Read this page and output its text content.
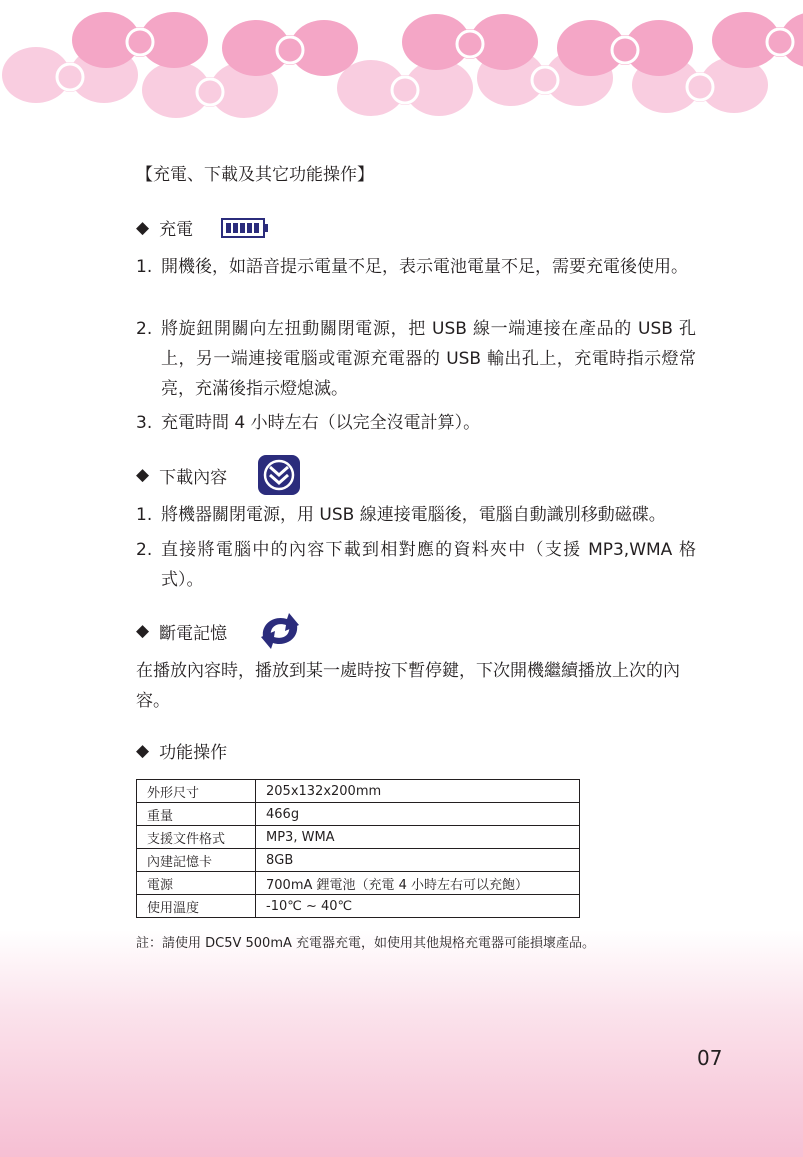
【充電、下載及其它功能操作】
◆ 充電
1. 開機後，如語音提示電量不足，表示電池電量不足，需要充電後使用。
2. 將旋鈕開關向左扭動關閉電源，把 USB 線一端連接在產品的 USB 孔上，另一端連接電腦或電源充電器的 USB 輸出孔上，充電時指示燈常亮，充滿後指示燈熄滅。
3. 充電時間 4 小時左右（以完全沒電計算）。
◆ 下載內容
1. 將機器關閉電源，用 USB 線連接電腦後，電腦自動識別移動磁碟。
2. 直接將電腦中的內容下載到相對應的資料夾中（支援 MP3,WMA 格式）。
◆ 斷電記憶
在播放內容時，播放到某一處時按下暫停鍵，下次開機繼續播放上次的內容。
◆ 功能操作
外形尺寸	205x132x200mm
重量	466g
支援文件格式	MP3, WMA
內建記憶卡	8GB
電源	700mA 鋰電池（充電 4 小時左右可以充飽）
使用溫度	-10℃ ~ 40℃
註：請使用 DC5V 500mA 充電器充電，如使用其他規格充電器可能損壞產品。
07
